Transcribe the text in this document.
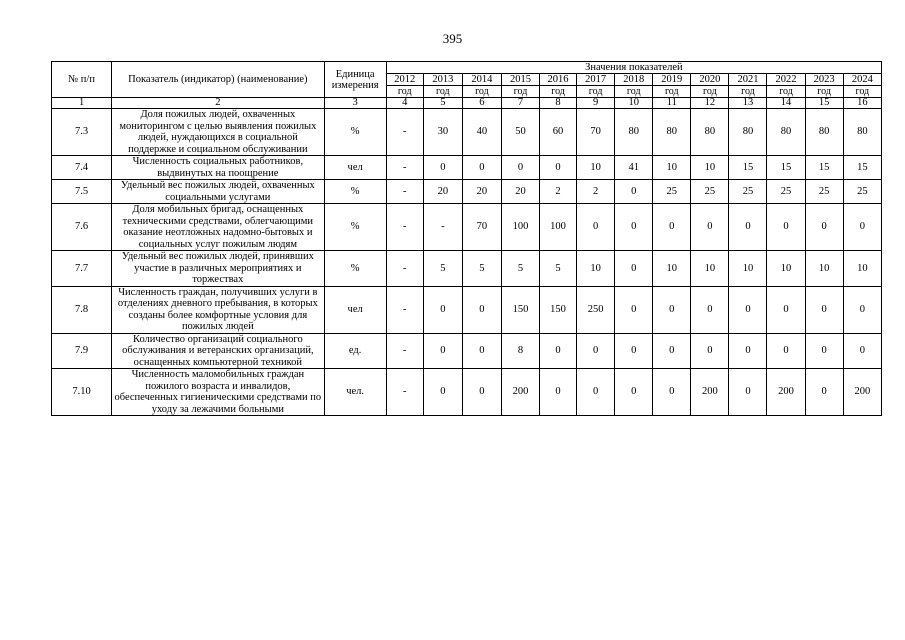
395
№ п/п	Показатель (индикатор) (наименование)	Единица измерения	Значения показателей												
			2012	2013	2014	2015	2016	2017	2018	2019	2020	2021	2022	2023	2024
			год	год	год	год	год	год	год	год	год	год	год	год	год
1	2	3	4	5	6	7	8	9	10	11	12	13	14	15	16
7.3	Доля пожилых людей, охваченных мониторингом с целью выявления пожилых людей, нуждающихся в социальной поддержке и социальном обслуживании	%	-	30	40	50	60	70	80	80	80	80	80	80	80
7.4	Численность социальных работников, выдвинутых на поощрение	чел	-	0	0	0	0	10	41	10	10	15	15	15	15
7.5	Удельный вес пожилых людей, охваченных социальными услугами	%	-	20	20	20	2	2	0	25	25	25	25	25	25
7.6	Доля мобильных бригад, оснащенных техническими средствами, облегчающими оказание неотложных надомно-бытовых и социальных услуг пожилым людям	%	-	-	70	100	100	0	0	0	0	0	0	0	0
7.7	Удельный вес пожилых людей, принявших участие в различных мероприятиях и торжествах	%	-	5	5	5	5	10	0	10	10	10	10	10	10
7.8	Численность граждан, получивших услуги в отделениях дневного пребывания, в которых созданы более комфортные условия для пожилых людей	чел	-	0	0	150	150	250	0	0	0	0	0	0	0
7.9	Количество организаций социального обслуживания и ветеранских организаций, оснащенных компьютерной техникой	ед.	-	0	0	8	0	0	0	0	0	0	0	0	0
7.10	Численность маломобильных граждан пожилого возраста и инвалидов, обеспеченных гигиеническими средствами по уходу за лежачими больными	чел.	-	0	0	200	0	0	0	0	200	0	200	0	200
